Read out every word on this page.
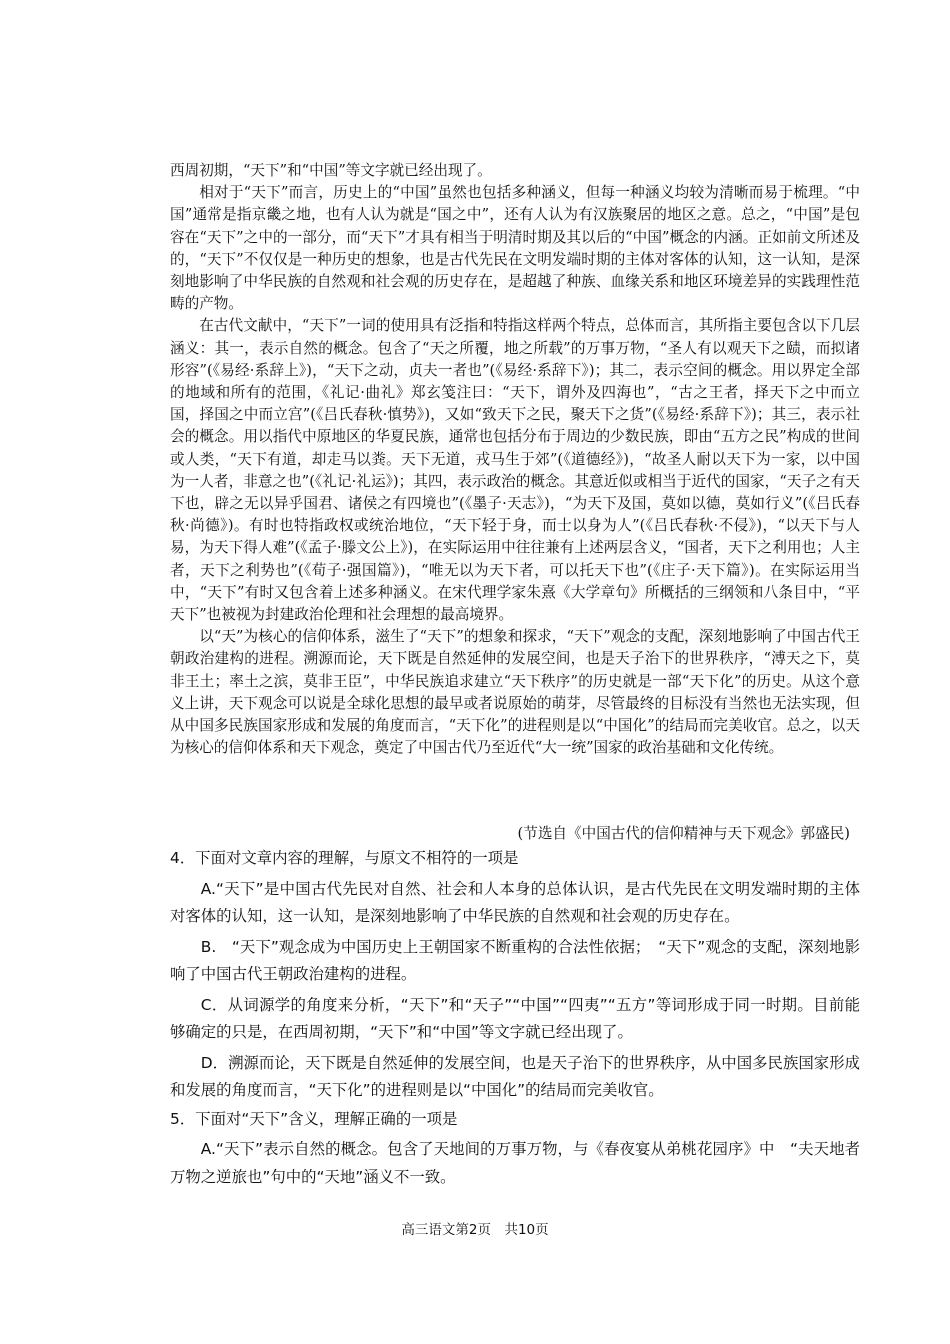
西周初期，“天下”和“中国”等文字就已经出现了。

相对于“天下”而言，历史上的“中国”虽然也包括多种涵义，但每一种涵义均较为清晰而易于梳理。“中国”通常是指京畿之地，也有人认为就是“国之中”，还有人认为有汉族聚居的地区之意。总之，“中国”是包容在“天下”之中的一部分，而“天下”才具有相当于明清时期及其以后的“中国”概念的内涵。正如前文所述及的，“天下”不仅仅是一种历史的想象，也是古代先民在文明发端时期的主体对客体的认知，这一认知，是深刻地影响了中华民族的自然观和社会观的历史存在，是超越了种族、血缘关系和地区环境差异的实践理性范畴的产物。

在古代文献中，“天下”一词的使用具有泛指和特指这样两个特点，总体而言，其所指主要包含以下几层涵义：其一，表示自然的概念。包含了“天之所覆，地之所载”的万事万物，“圣人有以观天下之赜，而拟诸形容”(《易经·系辞上》)，“天下之动，贞夫一者也”(《易经·系辞下》)；其二，表示空间的概念。用以界定全部的地域和所有的范围，《礼记·曲礼》郑玄笺注曰：“天下，谓外及四海也”，“古之王者，择天下之中而立国，择国之中而立宫”(《吕氏春秋·慎势》)，又如“致天下之民，聚天下之货”(《易经·系辞下》)；其三，表示社会的概念。用以指代中原地区的华夏民族，通常也包括分布于周边的少数民族，即由“五方之民”构成的世间或人类，“天下有道，却走马以粪。天下无道，戎马生于郊”(《道德经》)，“故圣人耐以天下为一家，以中国为一人者，非意之也”(《礼记·礼运》)；其四，表示政治的概念。其意近似或相当于近代的国家，“天子之有天下也，辟之无以异乎国君、诸侯之有四境也”(《墨子·天志》)，“为天下及国，莫如以德，莫如行义”(《吕氏春秋·尚德》)。有时也特指政权或统治地位，“天下轻于身，而士以身为人”(《吕氏春秋·不侵》)，“以天下与人易，为天下得人难”(《孟子·滕文公上》)，在实际运用中往往兼有上述两层含义，“国者，天下之利用也；人主者，天下之利势也”(《荀子·强国篇》)，“唯无以为天下者，可以托天下也”(《庄子·天下篇》)。在实际运用当中，“天下”有时又包含着上述多种涵义。在宋代理学家朱熹《大学章句》所概括的三纲领和八条目中，“平天下”也被视为封建政治伦理和社会理想的最高境界。

以“天”为核心的信仰体系，滋生了“天下”的想象和探求，“天下”观念的支配，深刻地影响了中国古代王朝政治建构的进程。溯源而论，天下既是自然延伸的发展空间，也是天子治下的世界秩序，“溥天之下，莫非王土；率土之滨，莫非王臣”，中华民族追求建立“天下秩序”的历史就是一部“天下化”的历史。从这个意义上讲，天下观念可以说是全球化思想的最早或者说原始的萌芽，尽管最终的目标没有当然也无法实现，但从中国多民族国家形成和发展的角度而言，“天下化”的进程则是以“中国化”的结局而完美收官。总之，以天为核心的信仰体系和天下观念，奠定了中国古代乃至近代“大一统”国家的政治基础和文化传统。

(节选自《中国古代的信仰精神与天下观念》郭盛民)

4．下面对文章内容的理解，与原文不相符的一项是

A.“天下”是中国古代先民对自然、社会和人本身的总体认识，是古代先民在文明发端时期的主体对客体的认知，这一认知，是深刻地影响了中华民族的自然观和社会观的历史存在。

B.　“天下”观念成为中国历史上王朝国家不断重构的合法性依据；　“天下”观念的支配，深刻地影响了中国古代王朝政治建构的进程。

C．从词源学的角度来分析，“天下”和“天子”“中国”“四夷”“五方”等词形成于同一时期。目前能够确定的只是，在西周初期，“天下”和“中国”等文字就已经出现了。

D．溯源而论，天下既是自然延伸的发展空间，也是天子治下的世界秩序，从中国多民族国家形成和发展的角度而言，“天下化”的进程则是以“中国化”的结局而完美收官。

5．下面对“天下”含义，理解正确的一项是

A.“天下”表示自然的概念。包含了天地间的万事万物，与《春夜宴从弟桃花园序》中　“夫天地者万物之逆旅也”句中的“天地”涵义不一致。

高三语文第2页　共10页
